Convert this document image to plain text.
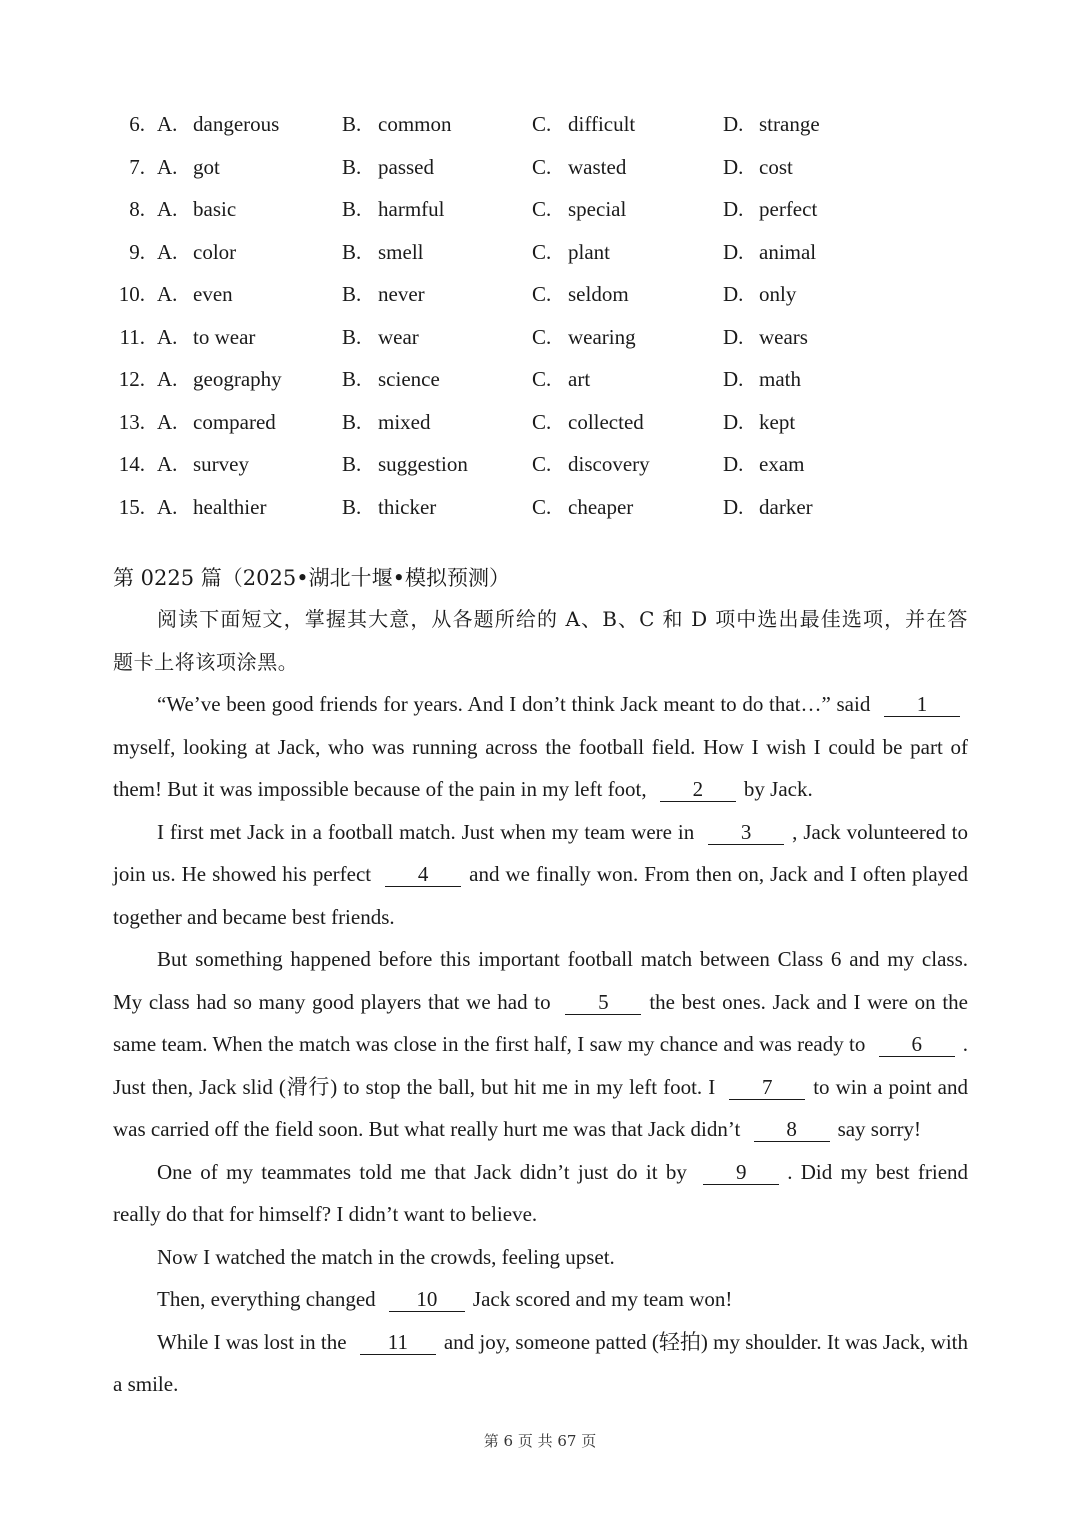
6. A. dangerous	B. common	C. difficult	D. strange
7. A. got	B. passed	C. wasted	D. cost
8. A. basic	B. harmful	C. special	D. perfect
9. A. color	B. smell	C. plant	D. animal
10. A. even	B. never	C. seldom	D. only
11. A. to wear	B. wear	C. wearing	D. wears
12. A. geography	B. science	C. art	D. math
13. A. compared	B. mixed	C. collected	D. kept
14. A. survey	B. suggestion	C. discovery	D. exam
15. A. healthier	B. thicker	C. cheaper	D. darker
第 0225 篇（2025•湖北十堰•模拟预测）

阅读下面短文，掌握其大意，从各题所给的 A、B、C 和 D 项中选出最佳选项，并在答题卡上将该项涂黑。

“We’ve been good friends for years. And I don’t think Jack meant to do that…” said 1myself, looking at Jack, who was running across the football field. How I wish I could be part of them! But it was impossible because of the pain in my left foot, 2 by Jack.

I first met Jack in a football match. Just when my team were in 3 , Jack volunteered to join us. He showed his perfect 4 and we finally won. From then on, Jack and I often played together and became best friends.

But something happened before this important football match between Class 6 and my class. My class had so many good players that we had to 5 the best ones. Jack and I were on the same team. When the match was close in the first half, I saw my chance and was ready to 6 . Just then, Jack slid (滑行) to stop the ball, but hit me in my left foot. I 7 to win a point and was carried off the field soon. But what really hurt me was that Jack didn’t 8 say sorry!

One of my teammates told me that Jack didn’t just do it by 9 . Did my best friend really do that for himself? I didn’t want to believe.

Now I watched the match in the crowds, feeling upset.

Then, everything changed 10 Jack scored and my team won!

While I was lost in the 11 and joy, someone patted (轻拍) my shoulder. It was Jack, with a smile.

第 6 页 共 67 页
